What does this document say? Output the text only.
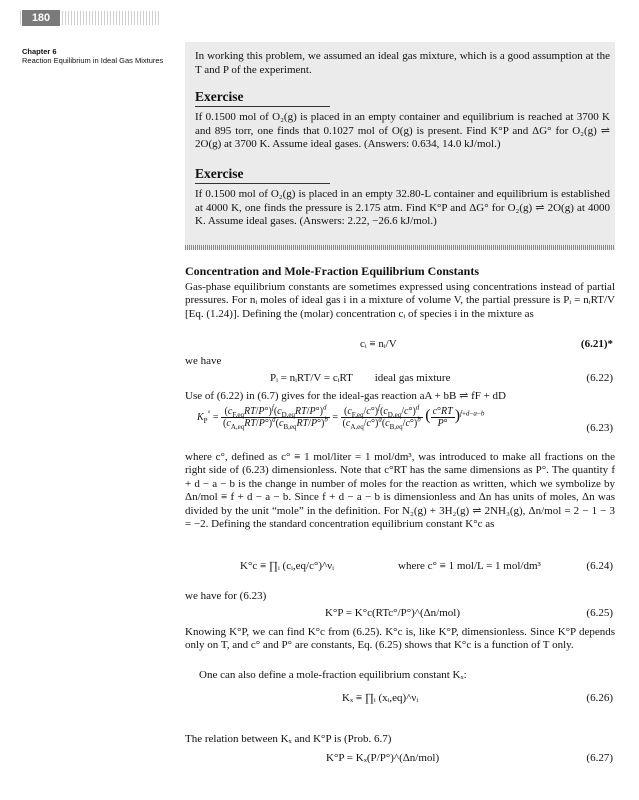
180
Chapter 6
Reaction Equilibrium in Ideal Gas Mixtures	In working this problem, we assumed an ideal gas mixture, which is a good assumption at the T and P of the experiment.
Exercise
If 0.1500 mol of O₂(g) is placed in an empty container and equilibrium is reached at 3700 K and 895 torr, one finds that 0.1027 mol of O(g) is present. Find K°P and ΔG° for O₂(g) ⇌ 2O(g) at 3700 K. Assume ideal gases. (Answers: 0.634, 14.0 kJ/mol.)
Exercise
If 0.1500 mol of O₂(g) is placed in an empty 32.80-L container and equilibrium is established at 4000 K, one finds the pressure is 2.175 atm. Find K°P and ΔG° for O₂(g) ⇌ 2O(g) at 4000 K. Assume ideal gases. (Answers: 2.22, −26.6 kJ/mol.)
Concentration and Mole-Fraction Equilibrium Constants
Gas-phase equilibrium constants are sometimes expressed using concentrations instead of partial pressures. For nᵢ moles of ideal gas i in a mixture of volume V, the partial pressure is Pᵢ = nᵢRT/V [Eq. (1.24)]. Defining the (molar) concentration cᵢ of species i in the mixture as
cᵢ ≡ nᵢ/V	(6.21)*
we have
Pᵢ = nᵢRT/V = cᵢRT        ideal gas mixture	(6.22)
Use of (6.22) in (6.7) gives for the ideal-gas reaction aA + bB ⇌ fF + dD
$K_P^\circ = \frac{(c_{F,eq}RT/P^\circ)^f(c_{D,eq}RT/P^\circ)^d}{(c_{A,eq}RT/P^\circ)^a(c_{B,eq}RT/P^\circ)^b} = \frac{(c_{F,eq}/c^\circ)^f(c_{D,eq}/c^\circ)^d}{(c_{A,eq}/c^\circ)^a(c_{B,eq}/c^\circ)^b}$ ( $\frac{c^\circ RT}{P^\circ} )^{f+d-a-b}$
(6.23)
where c°, defined as c° ≡ 1 mol/liter = 1 mol/dm³, was introduced to make all fractions on the right side of (6.23) dimensionless. Note that c°RT has the same dimensions as P°. The quantity f + d − a − b is the change in number of moles for the reaction as written, which we symbolize by Δn/mol ≡ f + d − a − b. Since f + d − a − b is dimensionless and Δn has units of moles, Δn was divided by the unit “mole” in the definition. For N₂(g) + 3H₂(g) ⇌ 2NH₃(g), Δn/mol = 2 − 1 − 3 = −2. Defining the standard concentration equilibrium constant K°c as
K°c ≡ ∏ᵢ (cᵢ,eq/c°)^νᵢ	where c° ≡ 1 mol/L = 1 mol/dm³	(6.24)
we have for (6.23)
K°P = K°c(RTc°/P°)^(Δn/mol)	(6.25)
Knowing K°P, we can find K°c from (6.25). K°c is, like K°P, dimensionless. Since K°P depends only on T, and c° and P° are constants, Eq. (6.25) shows that K°c is a function of T only.
One can also define a mole-fraction equilibrium constant Kₓ:
Kₓ ≡ ∏ᵢ (xᵢ,eq)^νᵢ	(6.26)
The relation between Kₓ and K°P is (Prob. 6.7)
K°P = Kₓ(P/P°)^(Δn/mol)	(6.27)
